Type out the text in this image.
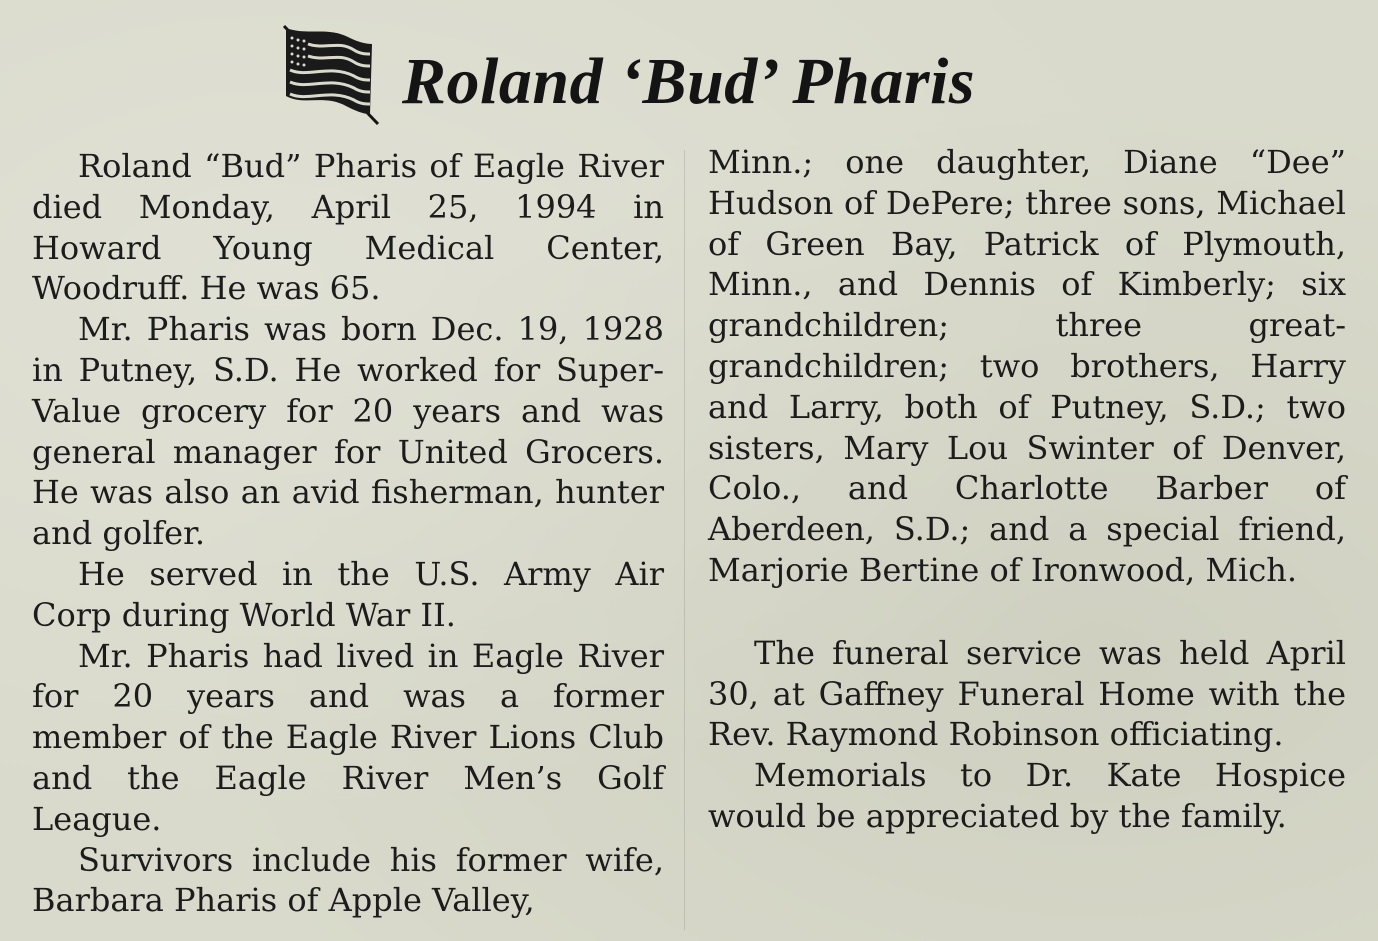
Roland ‘Bud’ Pharis

Roland “Bud” Pharis of Eagle River died Monday, April 25, 1994 in Howard Young Medical Center, Woodruff. He was 65.

Mr. Pharis was born Dec. 19, 1928 in Putney, S.D. He worked for Super-Value grocery for 20 years and was general manager for United Grocers. He was also an avid fisherman, hunter and golfer.

He served in the U.S. Army Air Corp during World War II.

Mr. Pharis had lived in Eagle River for 20 years and was a former member of the Eagle River Lions Club and the Eagle River Men’s Golf League.

Survivors include his former wife, Barbara Pharis of Apple Valley,

Minn.; one daughter, Diane “Dee” Hudson of DePere; three sons, Michael of Green Bay, Patrick of Plymouth, Minn., and Dennis of Kimberly; six grandchildren; three great-grandchildren; two brothers, Harry and Larry, both of Putney, S.D.; two sisters, Mary Lou Swinter of Denver, Colo., and Charlotte Barber of Aberdeen, S.D.; and a special friend, Marjorie Bertine of Ironwood, Mich.

The funeral service was held April 30, at Gaffney Funeral Home with the Rev. Raymond Robinson officiating.

Memorials to Dr. Kate Hospice would be appreciated by the family.
